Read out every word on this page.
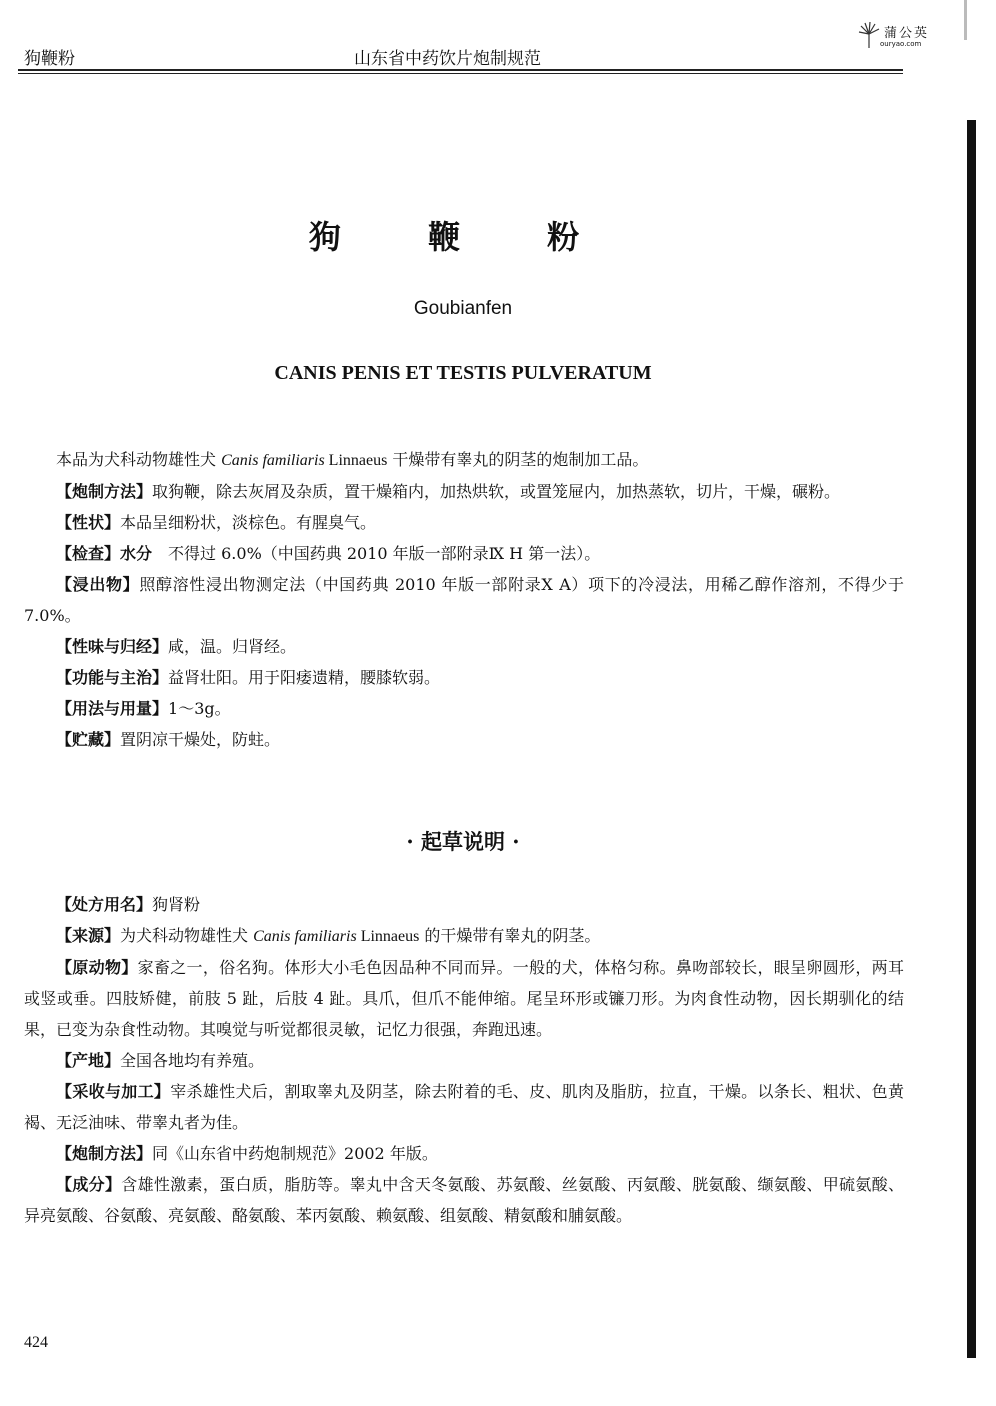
狗鞭粉	山东省中药饮片炮制规范
蒲公英
ouryao.com
狗 鞭 粉
Goubianfen
CANIS PENIS ET TESTIS PULVERATUM

本品为犬科动物雄性犬 Canis familiaris Linnaeus 干燥带有睾丸的阴茎的炮制加工品。

【炮制方法】取狗鞭，除去灰屑及杂质，置干燥箱内，加热烘软，或置笼屉内，加热蒸软，切片，干燥，碾粉。

【性状】本品呈细粉状，淡棕色。有腥臭气。

【检查】水分　不得过 6.0%（中国药典 2010 年版一部附录Ⅸ H 第一法）。

【浸出物】照醇溶性浸出物测定法（中国药典 2010 年版一部附录Ⅹ A）项下的冷浸法，用稀乙醇作溶剂，不得少于 7.0%。

【性味与归经】咸，温。归肾经。

【功能与主治】益肾壮阳。用于阳痿遗精，腰膝软弱。

【用法与用量】1～3g。

【贮藏】置阴凉干燥处，防蛀。

· 起草说明 ·

【处方用名】狗肾粉

【来源】为犬科动物雄性犬 Canis familiaris Linnaeus 的干燥带有睾丸的阴茎。

【原动物】家畜之一，俗名狗。体形大小毛色因品种不同而异。一般的犬，体格匀称。鼻吻部较长，眼呈卵圆形，两耳或竖或垂。四肢矫健，前肢 5 趾，后肢 4 趾。具爪，但爪不能伸缩。尾呈环形或镰刀形。为肉食性动物，因长期驯化的结果，已变为杂食性动物。其嗅觉与听觉都很灵敏，记忆力很强，奔跑迅速。

【产地】全国各地均有养殖。

【采收与加工】宰杀雄性犬后，割取睾丸及阴茎，除去附着的毛、皮、肌肉及脂肪，拉直，干燥。以条长、粗状、色黄褐、无泛油味、带睾丸者为佳。

【炮制方法】同《山东省中药炮制规范》2002 年版。

【成分】含雄性激素，蛋白质，脂肪等。睾丸中含天冬氨酸、苏氨酸、丝氨酸、丙氨酸、胱氨酸、缬氨酸、甲硫氨酸、异亮氨酸、谷氨酸、亮氨酸、酪氨酸、苯丙氨酸、赖氨酸、组氨酸、精氨酸和脯氨酸。

424
